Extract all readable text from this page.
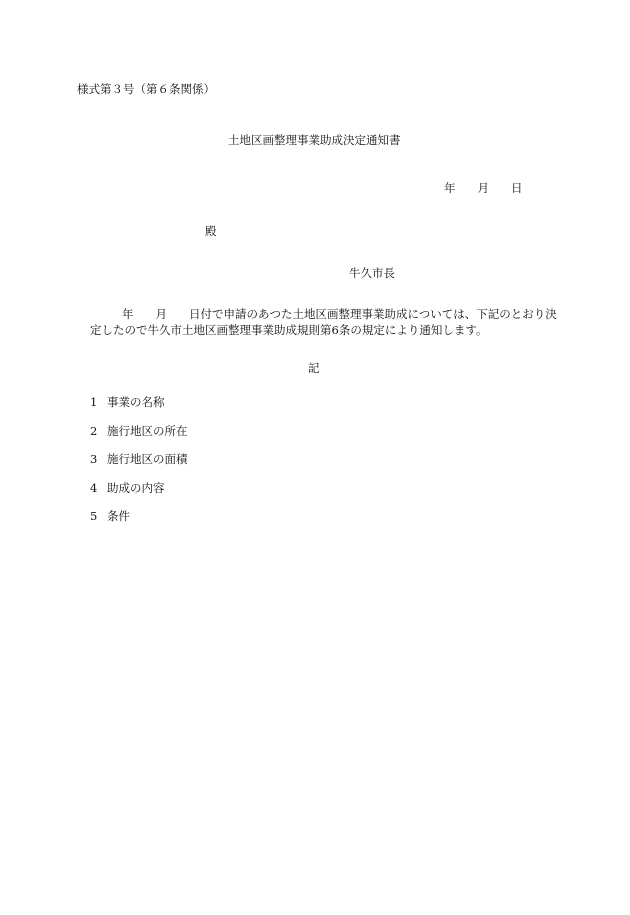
様式第３号（第６条関係）
土地区画整理事業助成決定通知書
年 月 日
殿
牛久市長
年 月 日付で申請のあつた土地区画整理事業助成については、下記のとおり決定したので牛久市土地区画整理事業助成規則第6条の規定により通知します。
記
1 事業の名称
2 施行地区の所在
3 施行地区の面積
4 助成の内容
5 条件
